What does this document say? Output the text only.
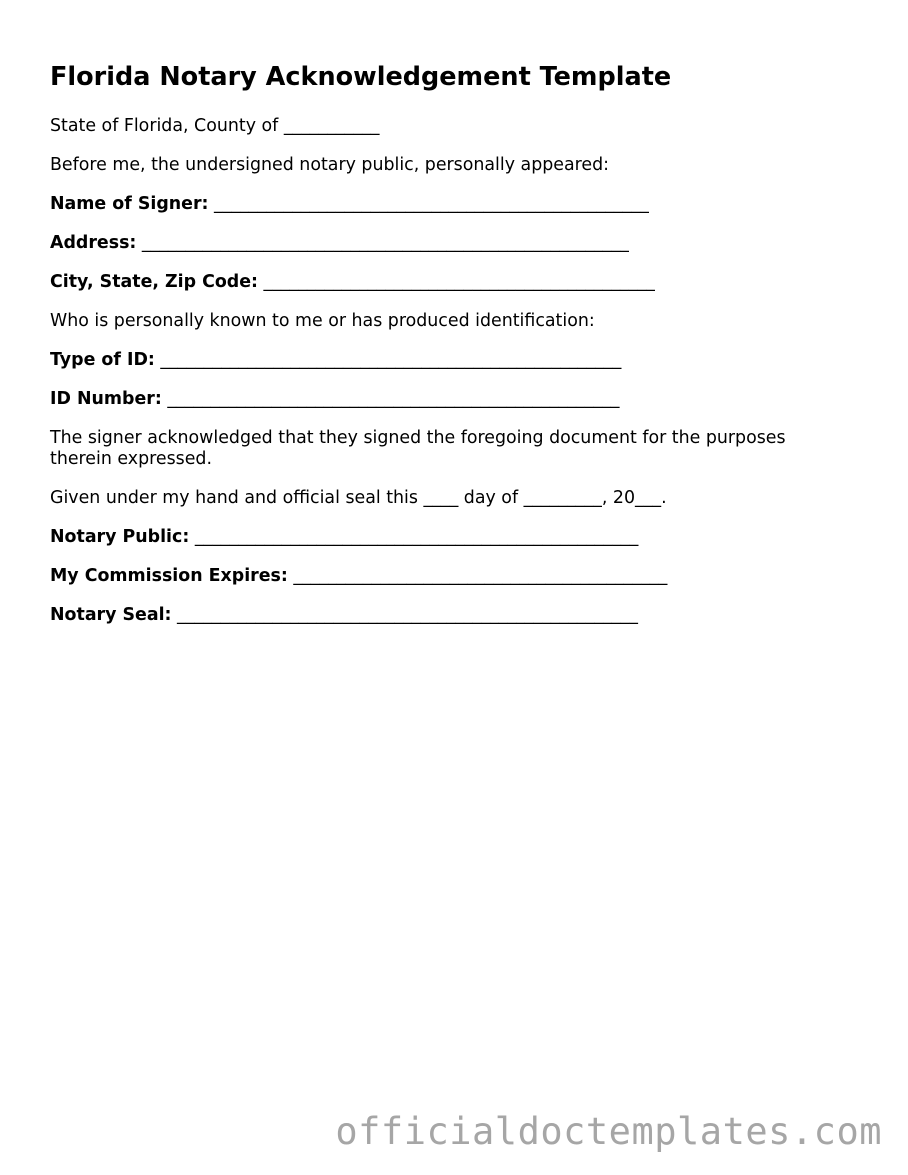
Florida Notary Acknowledgement Template

State of Florida, County of ___________

Before me, the undersigned notary public, personally appeared:

Name of Signer: __________________________________________________

Address: ________________________________________________________

City, State, Zip Code: _____________________________________________

Who is personally known to me or has produced identification:

Type of ID: _____________________________________________________

ID Number: ____________________________________________________

The signer acknowledged that they signed the foregoing document for the purposes therein expressed.

Given under my hand and official seal this ____ day of _________, 20___.

Notary Public: ___________________________________________________

My Commission Expires: ___________________________________________

Notary Seal: _____________________________________________________

officialdoctemplates.com
